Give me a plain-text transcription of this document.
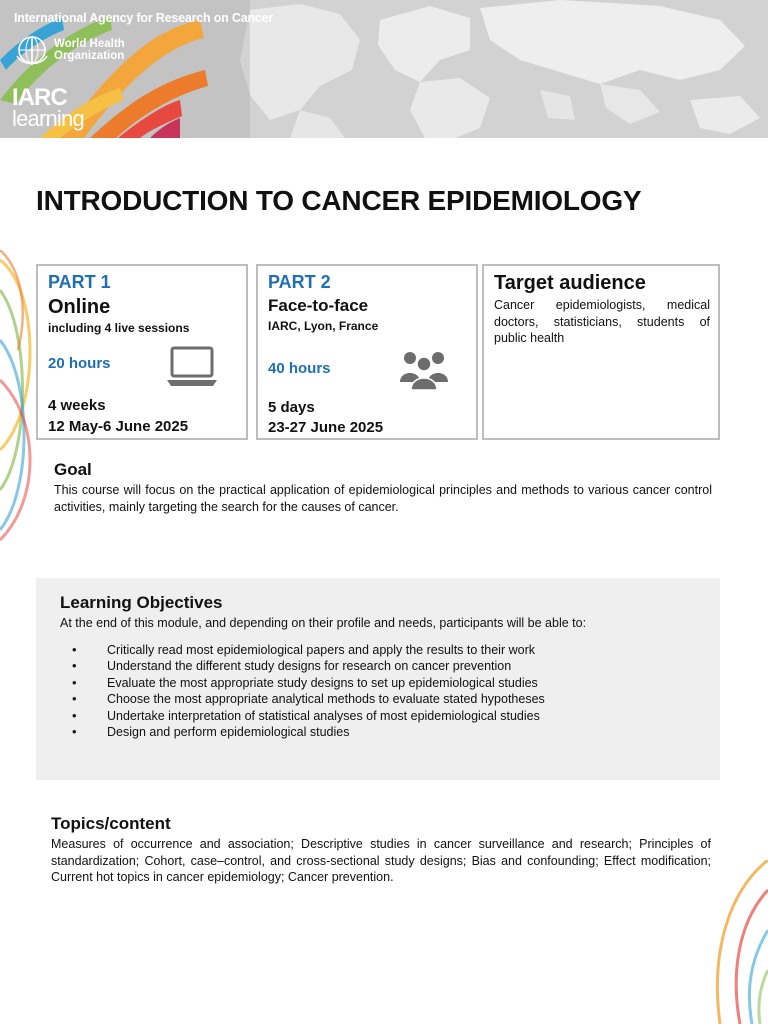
International Agency for Research on Cancer
World Health
Organization
IARC
learning
INTRODUCTION TO CANCER EPIDEMIOLOGY
PART 1
Online
including 4 live sessions
20 hours
4 weeks
12 May-6 June 2025
PART 2
Face-to-face
IARC, Lyon, France
40 hours
5 days
23-27 June 2025
Target audience
Cancer epidemiologists, medical doctors, statisticians, students of public health
Goal

This course will focus on the practical application of epidemiological principles and methods to various cancer control activities, mainly targeting the search for the causes of cancer.

Learning Objectives
At the end of this module, and depending on their profile and needs, participants will be able to:
• Critically read most epidemiological papers and apply the results to their work
• Understand the different study designs for research on cancer prevention
• Evaluate the most appropriate study designs to set up epidemiological studies
• Choose the most appropriate analytical methods to evaluate stated hypotheses
• Undertake interpretation of statistical analyses of most epidemiological studies
• Design and perform epidemiological studies
Topics/content

Measures of occurrence and association; Descriptive studies in cancer surveillance and research; Principles of standardization; Cohort, case–control, and cross-sectional study designs; Bias and confounding; Effect modification; Current hot topics in cancer epidemiology; Cancer prevention.
